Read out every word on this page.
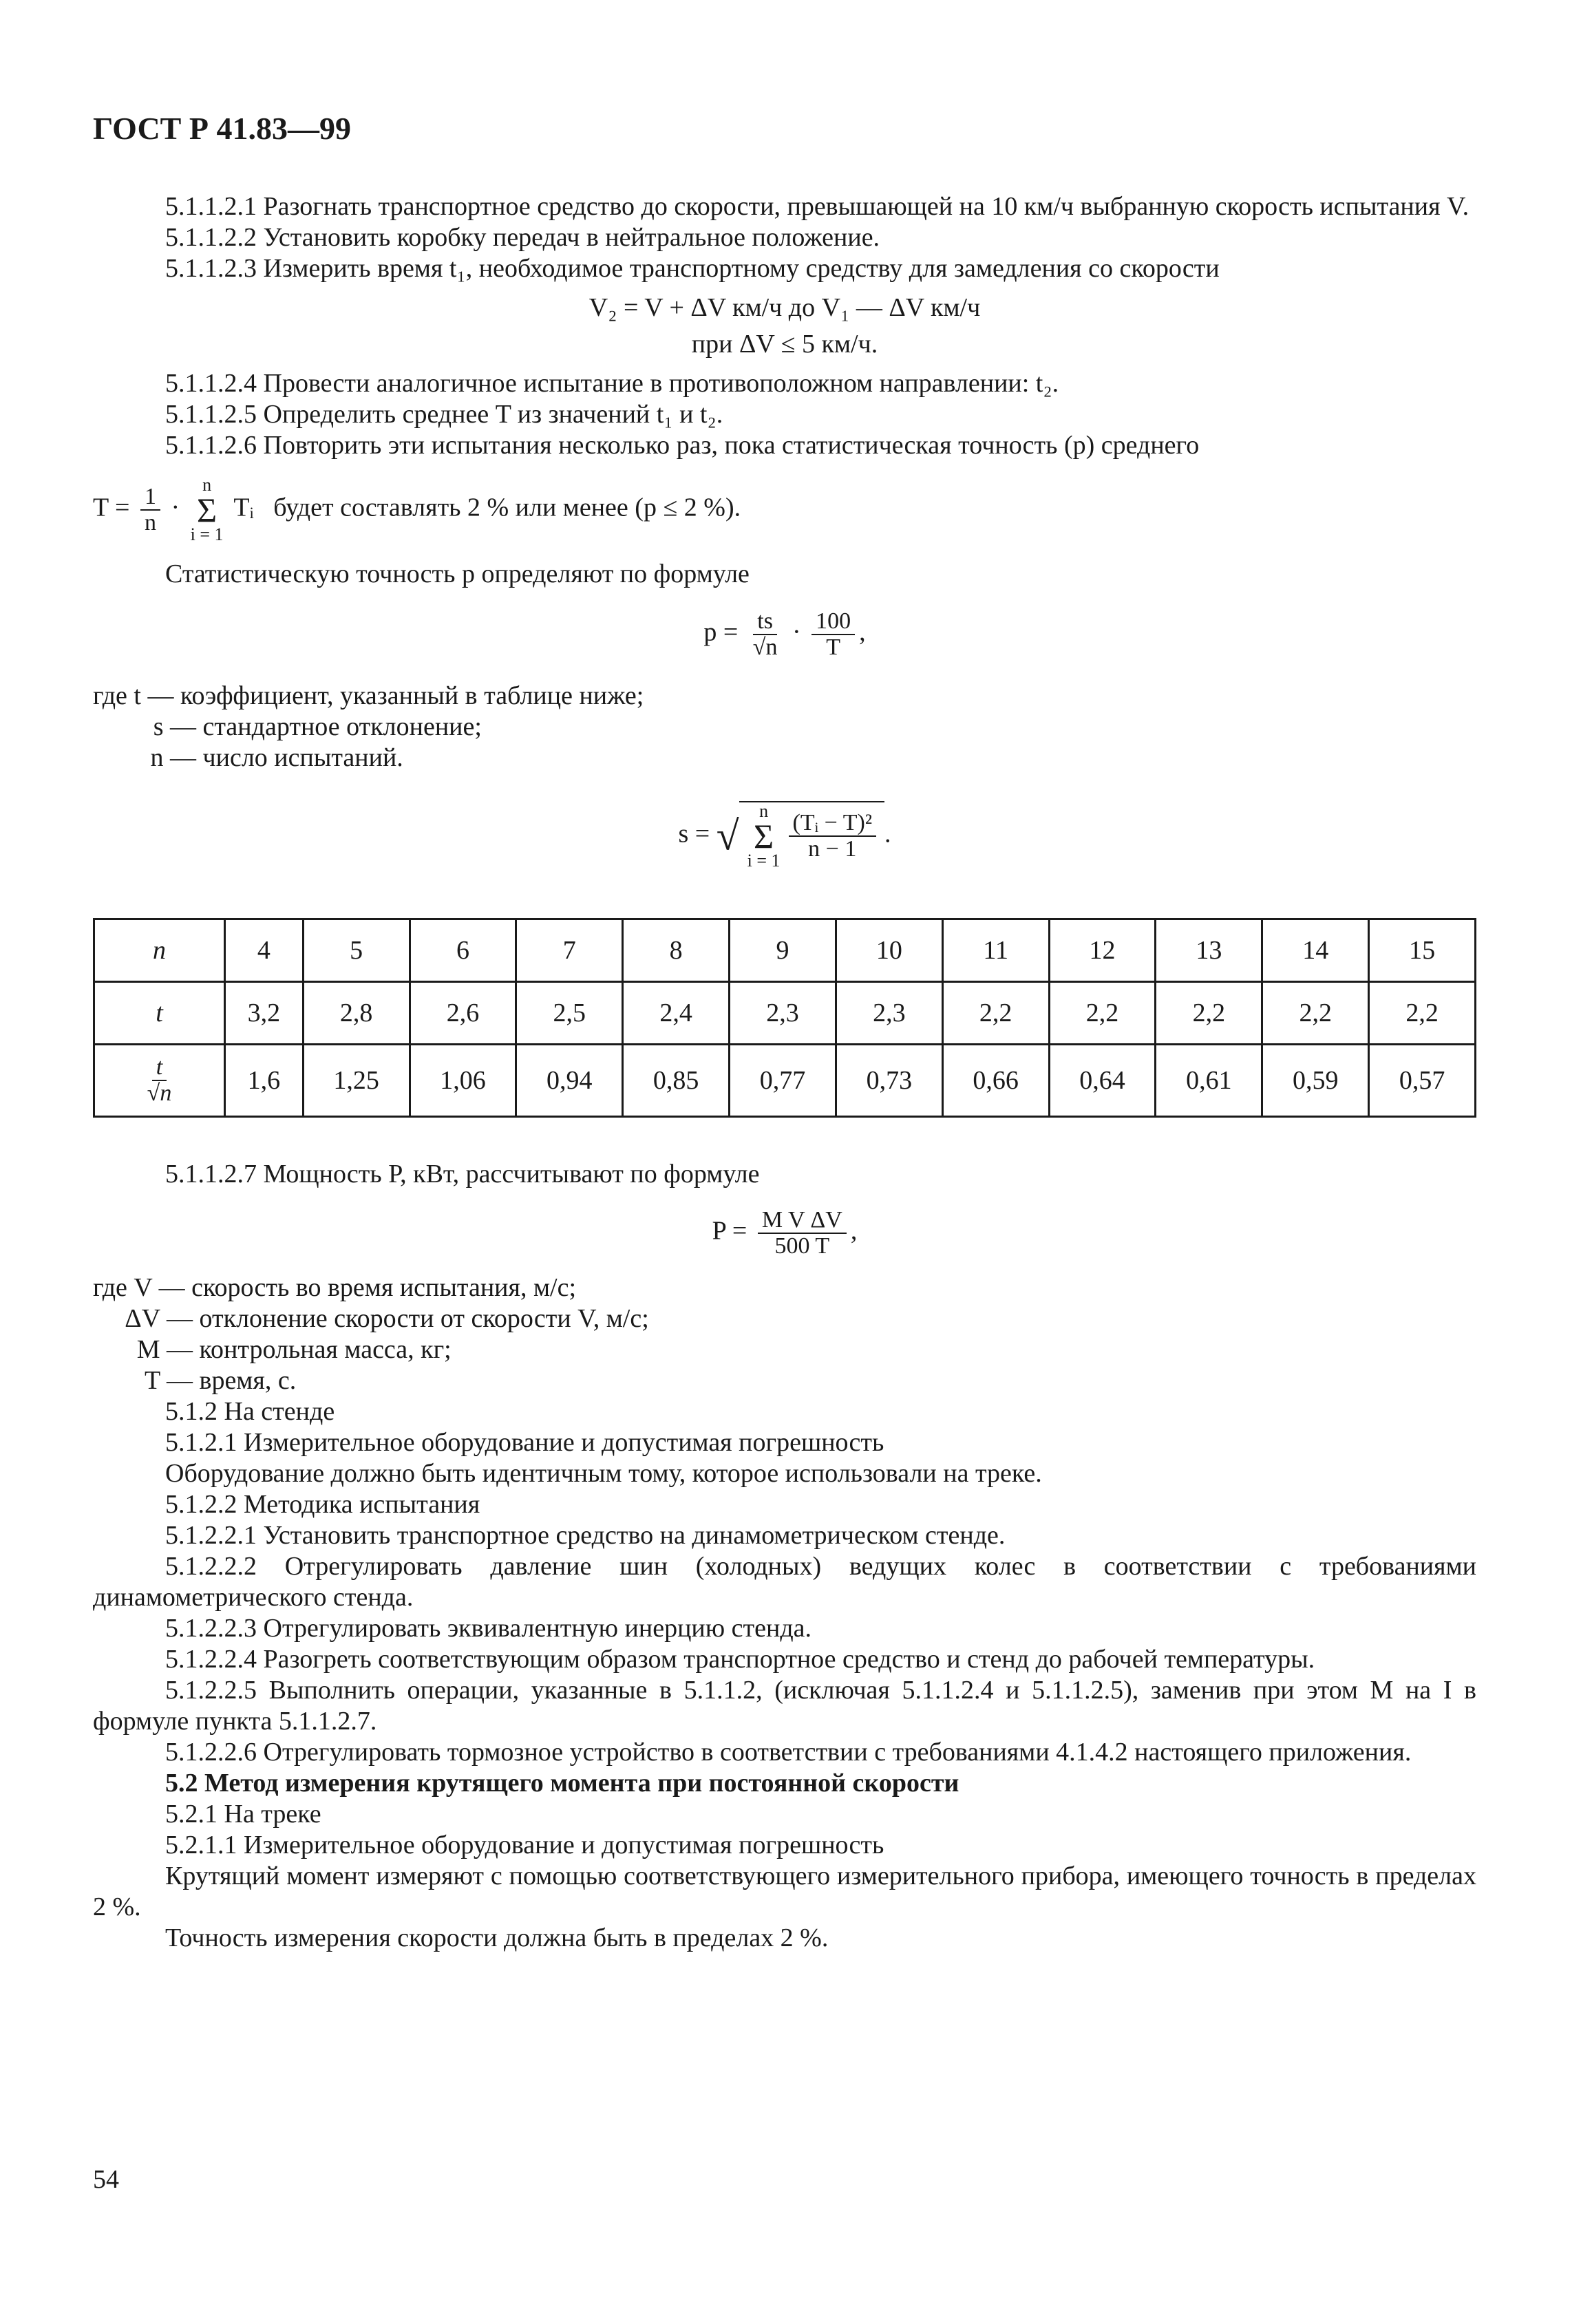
ГОСТ Р 41.83—99

5.1.1.2.1 Разогнать транспортное средство до скорости, превышающей на 10 км/ч выбранную скорость испытания V.

5.1.1.2.2 Установить коробку передач в нейтральное положение.

5.1.1.2.3 Измерить время t₁, необходимое транспортному средству для замедления со скорости

V₂ = V + ΔV км/ч до V₁ — ΔV км/ч
при ΔV ≤ 5 км/ч.

5.1.1.2.4 Провести аналогичное испытание в противоположном направлении: t₂.

5.1.1.2.5 Определить среднее T из значений t₁ и t₂.

5.1.1.2.6 Повторить эти испытания несколько раз, пока статистическая точность (p) среднего

$T = \frac{1}{n}$ ·
n
Σ
i = 1
Tᵢ будет составлять 2 % или менее (p ≤ 2 %).

Статистическую точность p определяют по формуле

$p = \frac{ts}{√n} \cdot \frac{100}{T}$ ,
где t — коэффициент, указанный в таблице ниже;
s — стандартное отклонение;
n — число испытаний.
s = √
n
Σ
$i = 1 \frac{\text{(Tᵢ − T)²}}{n - 1}$ .
n	4	5	6	7	8	9	10	11	12	13	14	15
t	3,2	2,8	2,6	2,5	2,4	2,3	2,3	2,2	2,2	2,2	2,2	2,2

$\frac{t}{√n}$	1,6	1,25	1,06	0,94	0,85	0,77	0,73	0,66	0,64	0,61	0,59	0,57

5.1.1.2.7 Мощность P, кВт, рассчитывают по формуле

$P = \frac{\text{M V ΔV}}{500 T}$ ,
где V — скорость во время испытания, м/с;
ΔV — отклонение скорости от скорости V, м/с;
M — контрольная масса, кг;
T — время, с.

5.1.2 На стенде

5.1.2.1 Измерительное оборудование и допустимая погрешность

Оборудование должно быть идентичным тому, которое использовали на треке.

5.1.2.2 Методика испытания

5.1.2.2.1 Установить транспортное средство на динамометрическом стенде.

5.1.2.2.2 Отрегулировать давление шин (холодных) ведущих колес в соответствии с требованиями динамометрического стенда.

5.1.2.2.3 Отрегулировать эквивалентную инерцию стенда.

5.1.2.2.4 Разогреть соответствующим образом транспортное средство и стенд до рабочей температуры.

5.1.2.2.5 Выполнить операции, указанные в 5.1.1.2, (исключая 5.1.1.2.4 и 5.1.1.2.5), заменив при этом M на I в формуле пункта 5.1.1.2.7.

5.1.2.2.6 Отрегулировать тормозное устройство в соответствии с требованиями 4.1.4.2 настоящего приложения.

5.2 Метод измерения крутящего момента при постоянной скорости

5.2.1 На треке

5.2.1.1 Измерительное оборудование и допустимая погрешность

Крутящий момент измеряют с помощью соответствующего измерительного прибора, имеющего точность в пределах 2 %.

Точность измерения скорости должна быть в пределах 2 %.

54
